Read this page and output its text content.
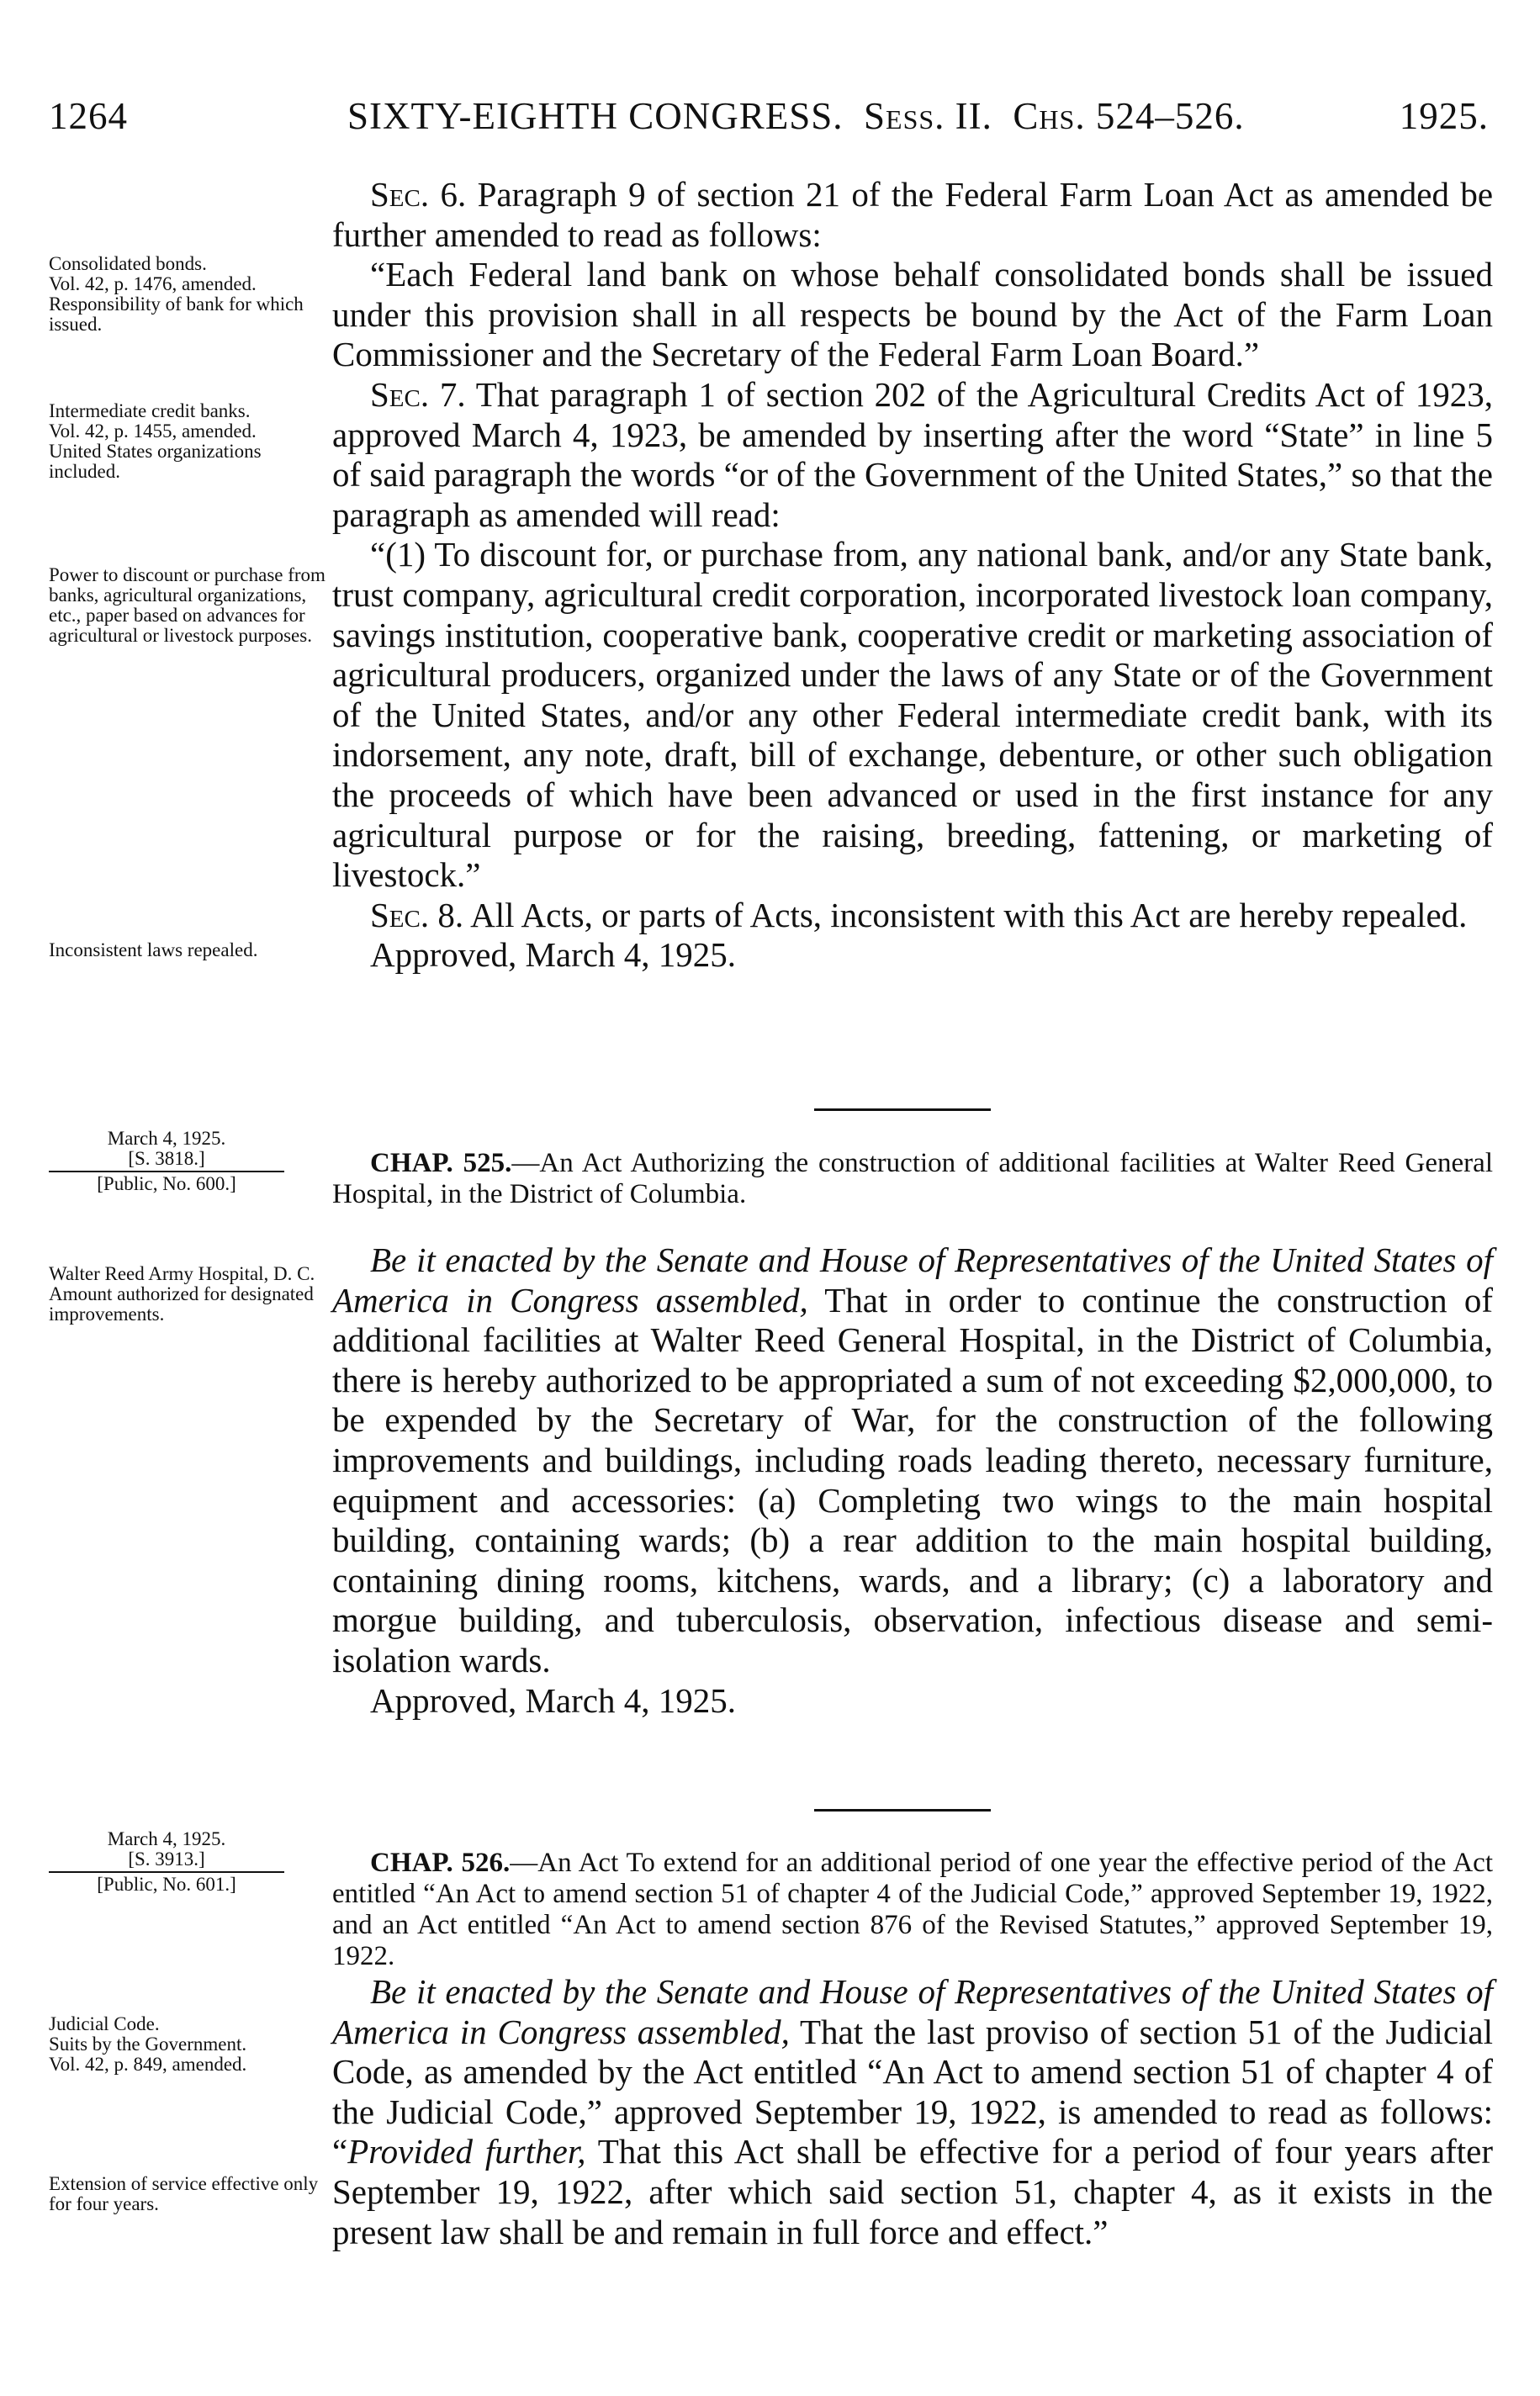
1264	SIXTY-EIGHTH CONGRESS. Sess. II. Chs. 524–526.	1925.

Sec. 6. Paragraph 9 of section 21 of the Federal Farm Loan Act as amended be further amended to read as follows:

“Each Federal land bank on whose behalf consolidated bonds shall be issued under this provision shall in all respects be bound by the Act of the Farm Loan Commissioner and the Secretary of the Federal Farm Loan Board.”

Sec. 7. That paragraph 1 of section 202 of the Agricultural Credits Act of 1923, approved March 4, 1923, be amended by inserting after the word “State” in line 5 of said paragraph the words “or of the Government of the United States,” so that the paragraph as amended will read:

“(1) To discount for, or purchase from, any national bank, and/or any State bank, trust company, agricultural credit corporation, incorporated livestock loan company, savings institution, cooperative bank, cooperative credit or marketing association of agricultural producers, organized under the laws of any State or of the Government of the United States, and/or any other Federal intermediate credit bank, with its indorsement, any note, draft, bill of exchange, debenture, or other such obligation the proceeds of which have been advanced or used in the first instance for any agricultural purpose or for the raising, breeding, fattening, or marketing of livestock.”

Sec. 8. All Acts, or parts of Acts, inconsistent with this Act are hereby repealed.

Approved, March 4, 1925.

Consolidated bonds.
Vol. 42, p. 1476, amended.
Responsibility of bank for which issued.
Intermediate credit banks.
Vol. 42, p. 1455, amended.
United States organizations included.
Power to discount or purchase from banks, agricultural organizations, etc., paper based on advances for agricultural or livestock purposes.
Inconsistent laws repealed.
March 4, 1925.
[S. 3818.]
[Public, No. 600.]

CHAP. 525.—An Act Authorizing the construction of additional facilities at Walter Reed General Hospital, in the District of Columbia.

Be it enacted by the Senate and House of Representatives of the United States of America in Congress assembled, That in order to continue the construction of additional facilities at Walter Reed General Hospital, in the District of Columbia, there is hereby authorized to be appropriated a sum of not exceeding $2,000,000, to be expended by the Secretary of War, for the construction of the following improvements and buildings, including roads leading thereto, necessary furniture, equipment and accessories: (a) Completing two wings to the main hospital building, containing wards; (b) a rear addition to the main hospital building, containing dining rooms, kitchens, wards, and a library; (c) a laboratory and morgue building, and tuberculosis, observation, infectious disease and semi-isolation wards.

Approved, March 4, 1925.

Walter Reed Army Hospital, D. C.
Amount authorized for designated improvements.
March 4, 1925.
[S. 3913.]
[Public, No. 601.]

CHAP. 526.—An Act To extend for an additional period of one year the effective period of the Act entitled “An Act to amend section 51 of chapter 4 of the Judicial Code,” approved September 19, 1922, and an Act entitled “An Act to amend section 876 of the Revised Statutes,” approved September 19, 1922.

Be it enacted by the Senate and House of Representatives of the United States of America in Congress assembled, That the last proviso of section 51 of the Judicial Code, as amended by the Act entitled “An Act to amend section 51 of chapter 4 of the Judicial Code,” approved September 19, 1922, is amended to read as follows: “Provided further, That this Act shall be effective for a period of four years after September 19, 1922, after which said section 51, chapter 4, as it exists in the present law shall be and remain in full force and effect.”

Judicial Code.
Suits by the Government.
Vol. 42, p. 849, amended.
Extension of service effective only for four years.
